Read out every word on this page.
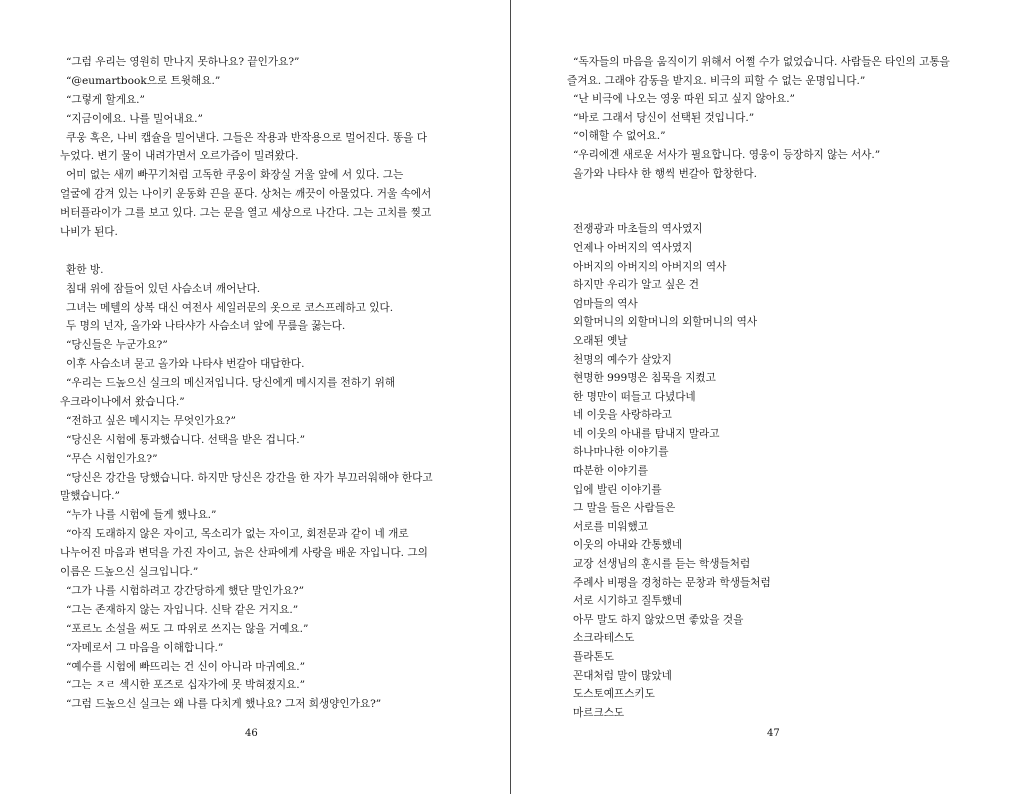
“그럼 우리는 영원히 만나지 못하나요? 끝인가요?”
“@eumartbook으로 트윗해요.”
“그렇게 할게요.”
“지금이에요. 나를 밀어내요.”
쿠웅 혹은, 나비 캡슐을 밀어낸다. 그들은 작용과 반작용으로 멀어진다. 똥을 다
누었다. 변기 물이 내려가면서 오르가즘이 밀려왔다.
어미 없는 새끼 빠꾸기처럼 고독한 쿠웅이 화장실 거울 앞에 서 있다. 그는
얼굴에 감겨 있는 나이키 운동화 끈을 푼다. 상처는 깨끗이 아물었다. 거울 속에서
버터플라이가 그를 보고 있다. 그는 문을 열고 세상으로 나간다. 그는 고치를 찢고
나비가 된다.
환한 방.
침대 위에 잠들어 있던 사슴소녀 깨어난다.
그녀는 메텔의 상복 대신 여전사 세일러문의 옷으로 코스프레하고 있다.
두 명의 넌자, 올가와 나타샤가 사슴소녀 앞에 무릎을 꿇는다.
“당신들은 누군가요?”
이후 사슴소녀 묻고 올가와 나타샤 번갈아 대답한다.
“우리는 드높으신 실크의 메신저입니다. 당신에게 메시지를 전하기 위해
우크라이나에서 왔습니다.”
“전하고 싶은 메시지는 무엇인가요?”
“당신은 시험에 통과했습니다. 선택을 받은 겁니다.”
“무슨 시험인가요?”
“당신은 강간을 당했습니다. 하지만 당신은 강간을 한 자가 부끄러워해야 한다고
말했습니다.”
“누가 나를 시험에 들게 했나요.”
“아직 도래하지 않은 자이고, 목소리가 없는 자이고, 회전문과 같이 네 개로
나누어진 마음과 변덕을 가진 자이고, 늙은 산파에게 사랑을 배운 자입니다. 그의
이름은 드높으신 실크입니다.”
“그가 나를 시험하려고 강간당하게 했단 말인가요?”
“그는 존재하지 않는 자입니다. 신탁 같은 거지요.”
“포르노 소설을 써도 그 따위로 쓰지는 않을 거예요.”
“자메로서 그 마음을 이해합니다.”
“예수를 시험에 빠뜨리는 건 신이 아니라 마귀예요.”
“그는 ㅈㄹ 섹시한 포즈로 십자가에 못 박혀졌지요.”
“그럼 드높으신 실크는 왜 나를 다치게 했나요? 그저 희생양인가요?”
46
“독자들의 마음을 움직이기 위해서 어쩔 수가 없었습니다. 사람들은 타인의 고통을
즐겨요. 그래야 감동을 받지요. 비극의 피할 수 없는 운명입니다.”
“난 비극에 나오는 영웅 따윈 되고 싶지 않아요.”
“바로 그래서 당신이 선택된 것입니다.”
“이해할 수 없어요.”
“우리에겐 새로운 서사가 필요합니다. 영웅이 등장하지 않는 서사.”
올가와 나타샤 한 행씩 번갈아 합창한다.
전쟁광과 마초들의 역사였지
언제나 아버지의 역사였지
아버지의 아버지의 아버지의 역사
하지만 우리가 알고 싶은 건
엄마들의 역사
외할머니의 외할머니의 외할머니의 역사
오래된 옛날
천명의 예수가 살았지
현명한 999명은 침묵을 지켰고
한 명만이 떠들고 다녔다네
네 이웃을 사랑하라고
네 이웃의 아내를 탐내지 말라고
하나마나한 이야기를
따분한 이야기를
입에 발린 이야기를
그 말을 들은 사람들은
서로를 미워했고
이웃의 아내와 간통했네
교장 선생님의 훈시를 듣는 학생들처럼
주례사 비평을 경청하는 문창과 학생들처럼
서로 시기하고 질투했네
아무 말도 하지 않았으면 좋았을 것을
소크라테스도
플라톤도
꼰대처럼 말이 많았네
도스토예프스키도
마르크스도
47
